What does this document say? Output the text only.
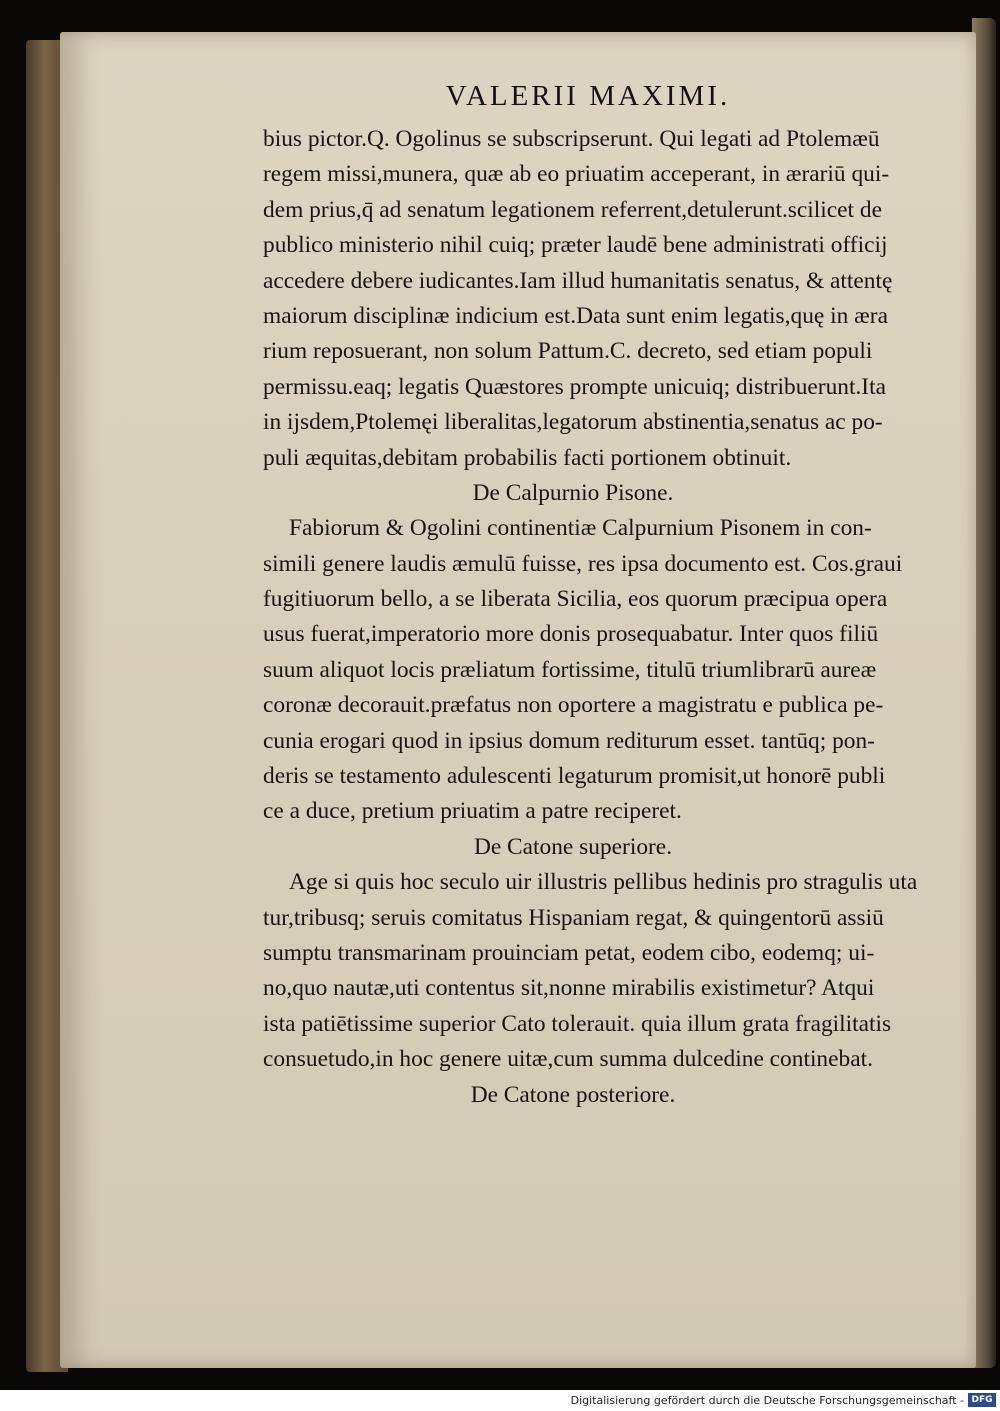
VALERII MAXIMI.
bius pictor.Q. Ogolinus se subscripserunt. Qui legati ad Ptolemæū
regem missi,munera, quæ ab eo priuatim acceperant, in ærariū qui-
dem prius,q̄ ad senatum legationem referrent,detulerunt.scilicet de
publico ministerio nihil cuiq; præter laudē bene administrati officij
accedere debere iudicantes.Iam illud humanitatis senatus, & attentę
maiorum disciplinæ indicium est.Data sunt enim legatis,quę in æra
rium reposuerant, non solum Pattum.C. decreto, sed etiam populi
permissu.eaq; legatis Quæstores prompte unicuiq; distribuerunt.Ita
in ijsdem,Ptolemęi liberalitas,legatorum abstinentia,senatus ac po-
puli æquitas,debitam probabilis facti portionem obtinuit.
De Calpurnio Pisone.
Fabiorum & Ogolini continentiæ Calpurnium Pisonem in con-
simili genere laudis æmulū fuisse, res ipsa documento est. Cos.graui
fugitiuorum bello, a se liberata Sicilia, eos quorum præcipua opera
usus fuerat,imperatorio more donis prosequabatur. Inter quos filiū
suum aliquot locis præliatum fortissime, titulū triumlibrarū aureæ
coronæ decorauit.præfatus non oportere a magistratu e publica pe-
cunia erogari quod in ipsius domum rediturum esset. tantūq; pon-
deris se testamento adulescenti legaturum promisit,ut honorē publi
ce a duce, pretium priuatim a patre reciperet.
De Catone superiore.
Age si quis hoc seculo uir illustris pellibus hedinis pro stragulis uta
tur,tribusq; seruis comitatus Hispaniam regat, & quingentorū assiū
sumptu transmarinam prouinciam petat, eodem cibo, eodemq; ui-
no,quo nautæ,uti contentus sit,nonne mirabilis existimetur? Atqui
ista patiētissime superior Cato tolerauit. quia illum grata fragilitatis
consuetudo,in hoc genere uitæ,cum summa dulcedine continebat.
De Catone posteriore.
Digitalisierung gefördert durch die Deutsche Forschungsgemeinschaft - DFG
